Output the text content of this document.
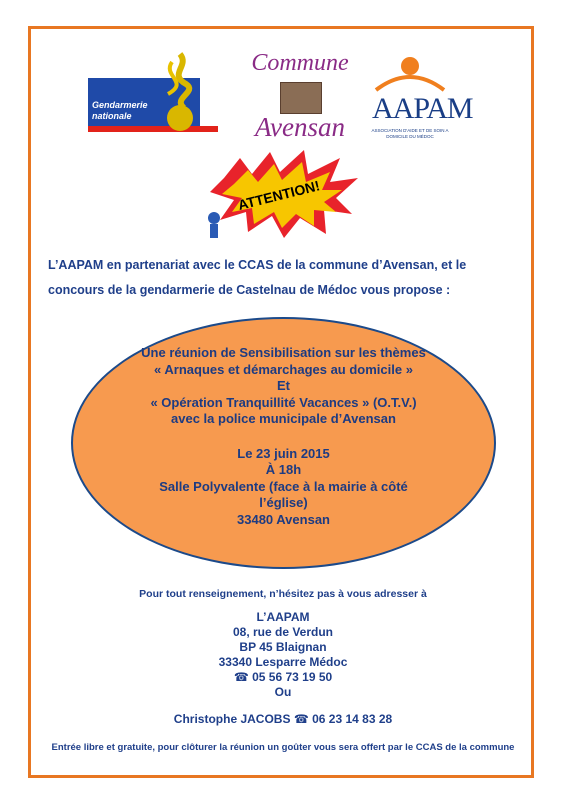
Gendarmerie
nationale
Commune
Avensan
AAPAM
ASSOCIATION D'AIDE ET DE SOIN A DOMICILE DU MÉDOC
ATTENTION!
L’AAPAM en partenariat avec le CCAS de la commune d’Avensan, et le
concours de la gendarmerie de Castelnau de Médoc vous propose :
Une réunion de Sensibilisation sur les thèmes
« Arnaques et démarchages au domicile »
Et
« Opération Tranquillité Vacances » (O.T.V.)
avec la police municipale d’Avensan
Le 23 juin 2015
À 18h
Salle Polyvalente (face à la mairie à côté
l’église)
33480 Avensan
Pour tout renseignement, n’hésitez pas à vous adresser à
L’AAPAM
08, rue de Verdun
BP 45 Blaignan
33340 Lesparre Médoc
☎ 05 56 73 19 50
Ou
Christophe JACOBS ☎ 06 23 14 83 28
Entrée libre et gratuite, pour clôturer la réunion un goûter vous sera offert par le CCAS de la commune
